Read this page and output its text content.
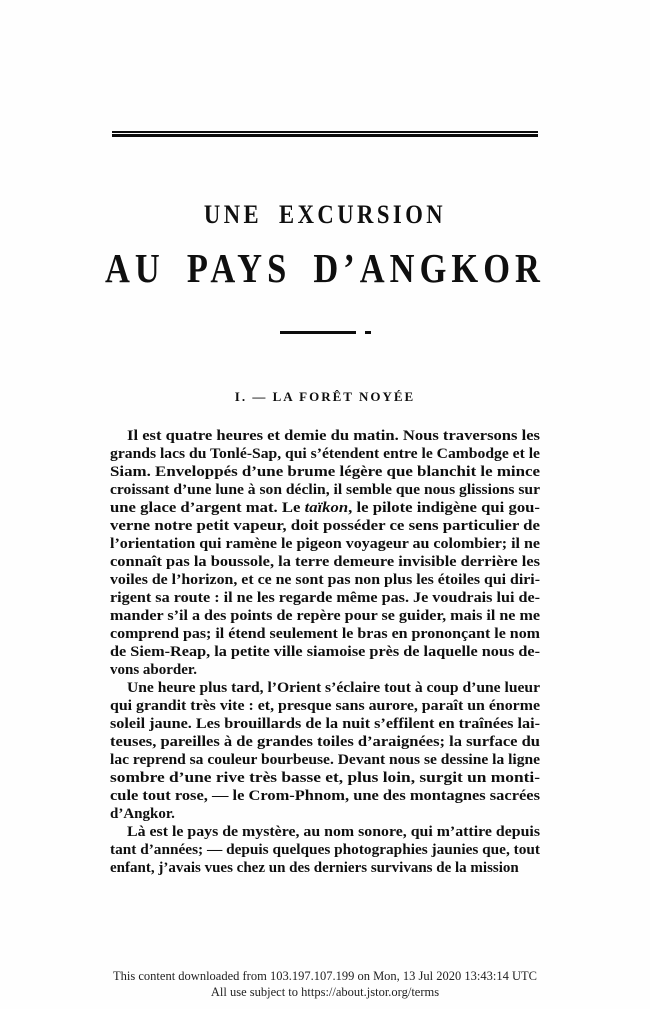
UNE EXCURSION
AU PAYS D’ANGKOR
I. — LA FORÊT NOYÉE
Il est quatre heures et demie du matin. Nous traversons les
grands lacs du Tonlé-Sap, qui s’étendent entre le Cambodge et le
Siam. Enveloppés d’une brume légère que blanchit le mince
croissant d’une lune à son déclin, il semble que nous glissions sur
une glace d’argent mat. Le taïkon, le pilote indigène qui gou-
verne notre petit vapeur, doit posséder ce sens particulier de
l’orientation qui ramène le pigeon voyageur au colombier; il ne
connaît pas la boussole, la terre demeure invisible derrière les
voiles de l’horizon, et ce ne sont pas non plus les étoiles qui diri-
rigent sa route : il ne les regarde même pas. Je voudrais lui de-
mander s’il a des points de repère pour se guider, mais il ne me
comprend pas; il étend seulement le bras en prononçant le nom
de Siem-Reap, la petite ville siamoise près de laquelle nous de-
vons aborder.
Une heure plus tard, l’Orient s’éclaire tout à coup d’une lueur
qui grandit très vite : et, presque sans aurore, paraît un énorme
soleil jaune. Les brouillards de la nuit s’effilent en traînées lai-
teuses, pareilles à de grandes toiles d’araignées; la surface du
lac reprend sa couleur bourbeuse. Devant nous se dessine la ligne
sombre d’une rive très basse et, plus loin, surgit un monti-
cule tout rose, — le Crom-Phnom, une des montagnes sacrées
d’Angkor.
Là est le pays de mystère, au nom sonore, qui m’attire depuis
tant d’années; — depuis quelques photographies jaunies que, tout
enfant, j’avais vues chez un des derniers survivans de la mission
This content downloaded from 103.197.107.199 on Mon, 13 Jul 2020 13:43:14 UTC
All use subject to https://about.jstor.org/terms
